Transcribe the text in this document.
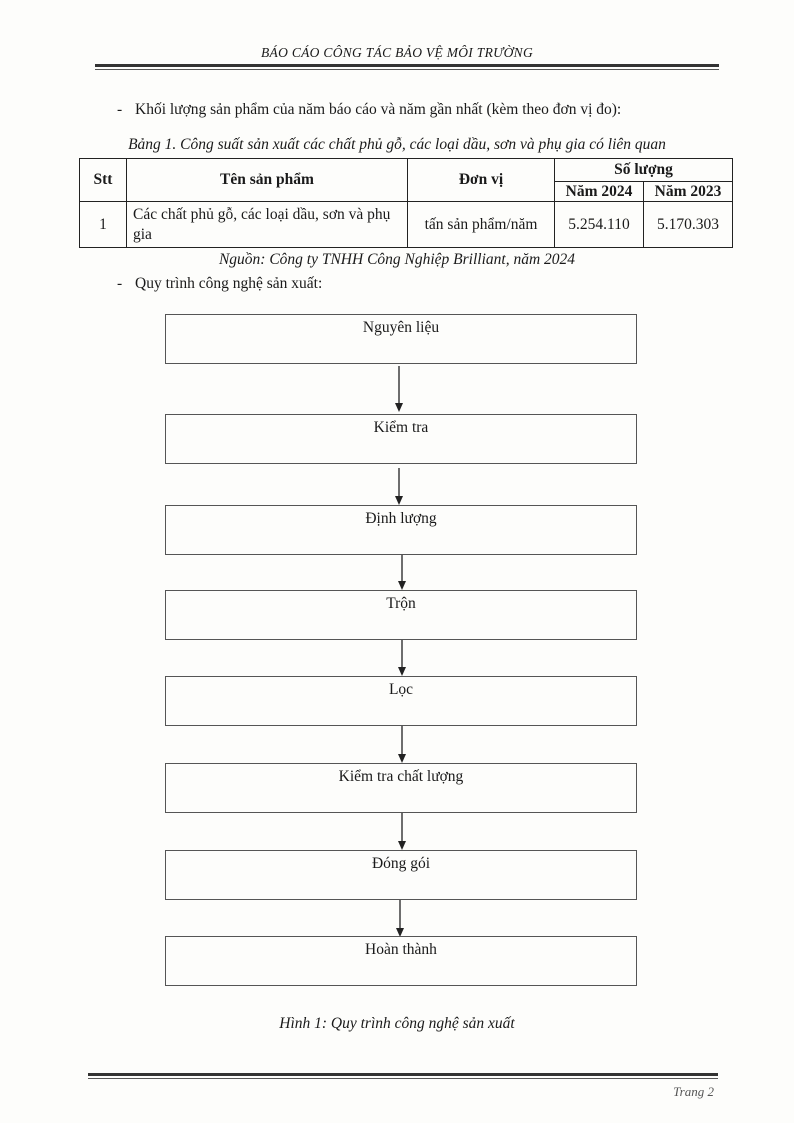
BÁO CÁO CÔNG TÁC BẢO VỆ MÔI TRƯỜNG
- Khối lượng sản phẩm của năm báo cáo và năm gần nhất (kèm theo đơn vị đo):
Bảng 1. Công suất sản xuất các chất phủ gỗ, các loại dầu, sơn và phụ gia có liên quan
Stt	Tên sản phẩm	Đơn vị	Số lượng	
			Năm 2024	Năm 2023
1	Các chất phủ gỗ, các loại dầu, sơn và phụ gia	tấn sản phẩm/năm	5.254.110	5.170.303
Nguồn: Công ty TNHH Công Nghiệp Brilliant, năm 2024
- Quy trình công nghệ sản xuất:
Nguyên liệu
Kiểm tra
Định lượng
Trộn
Lọc
Kiểm tra chất lượng
Đóng gói
Hoàn thành
Hình 1: Quy trình công nghệ sản xuất
Trang 2
